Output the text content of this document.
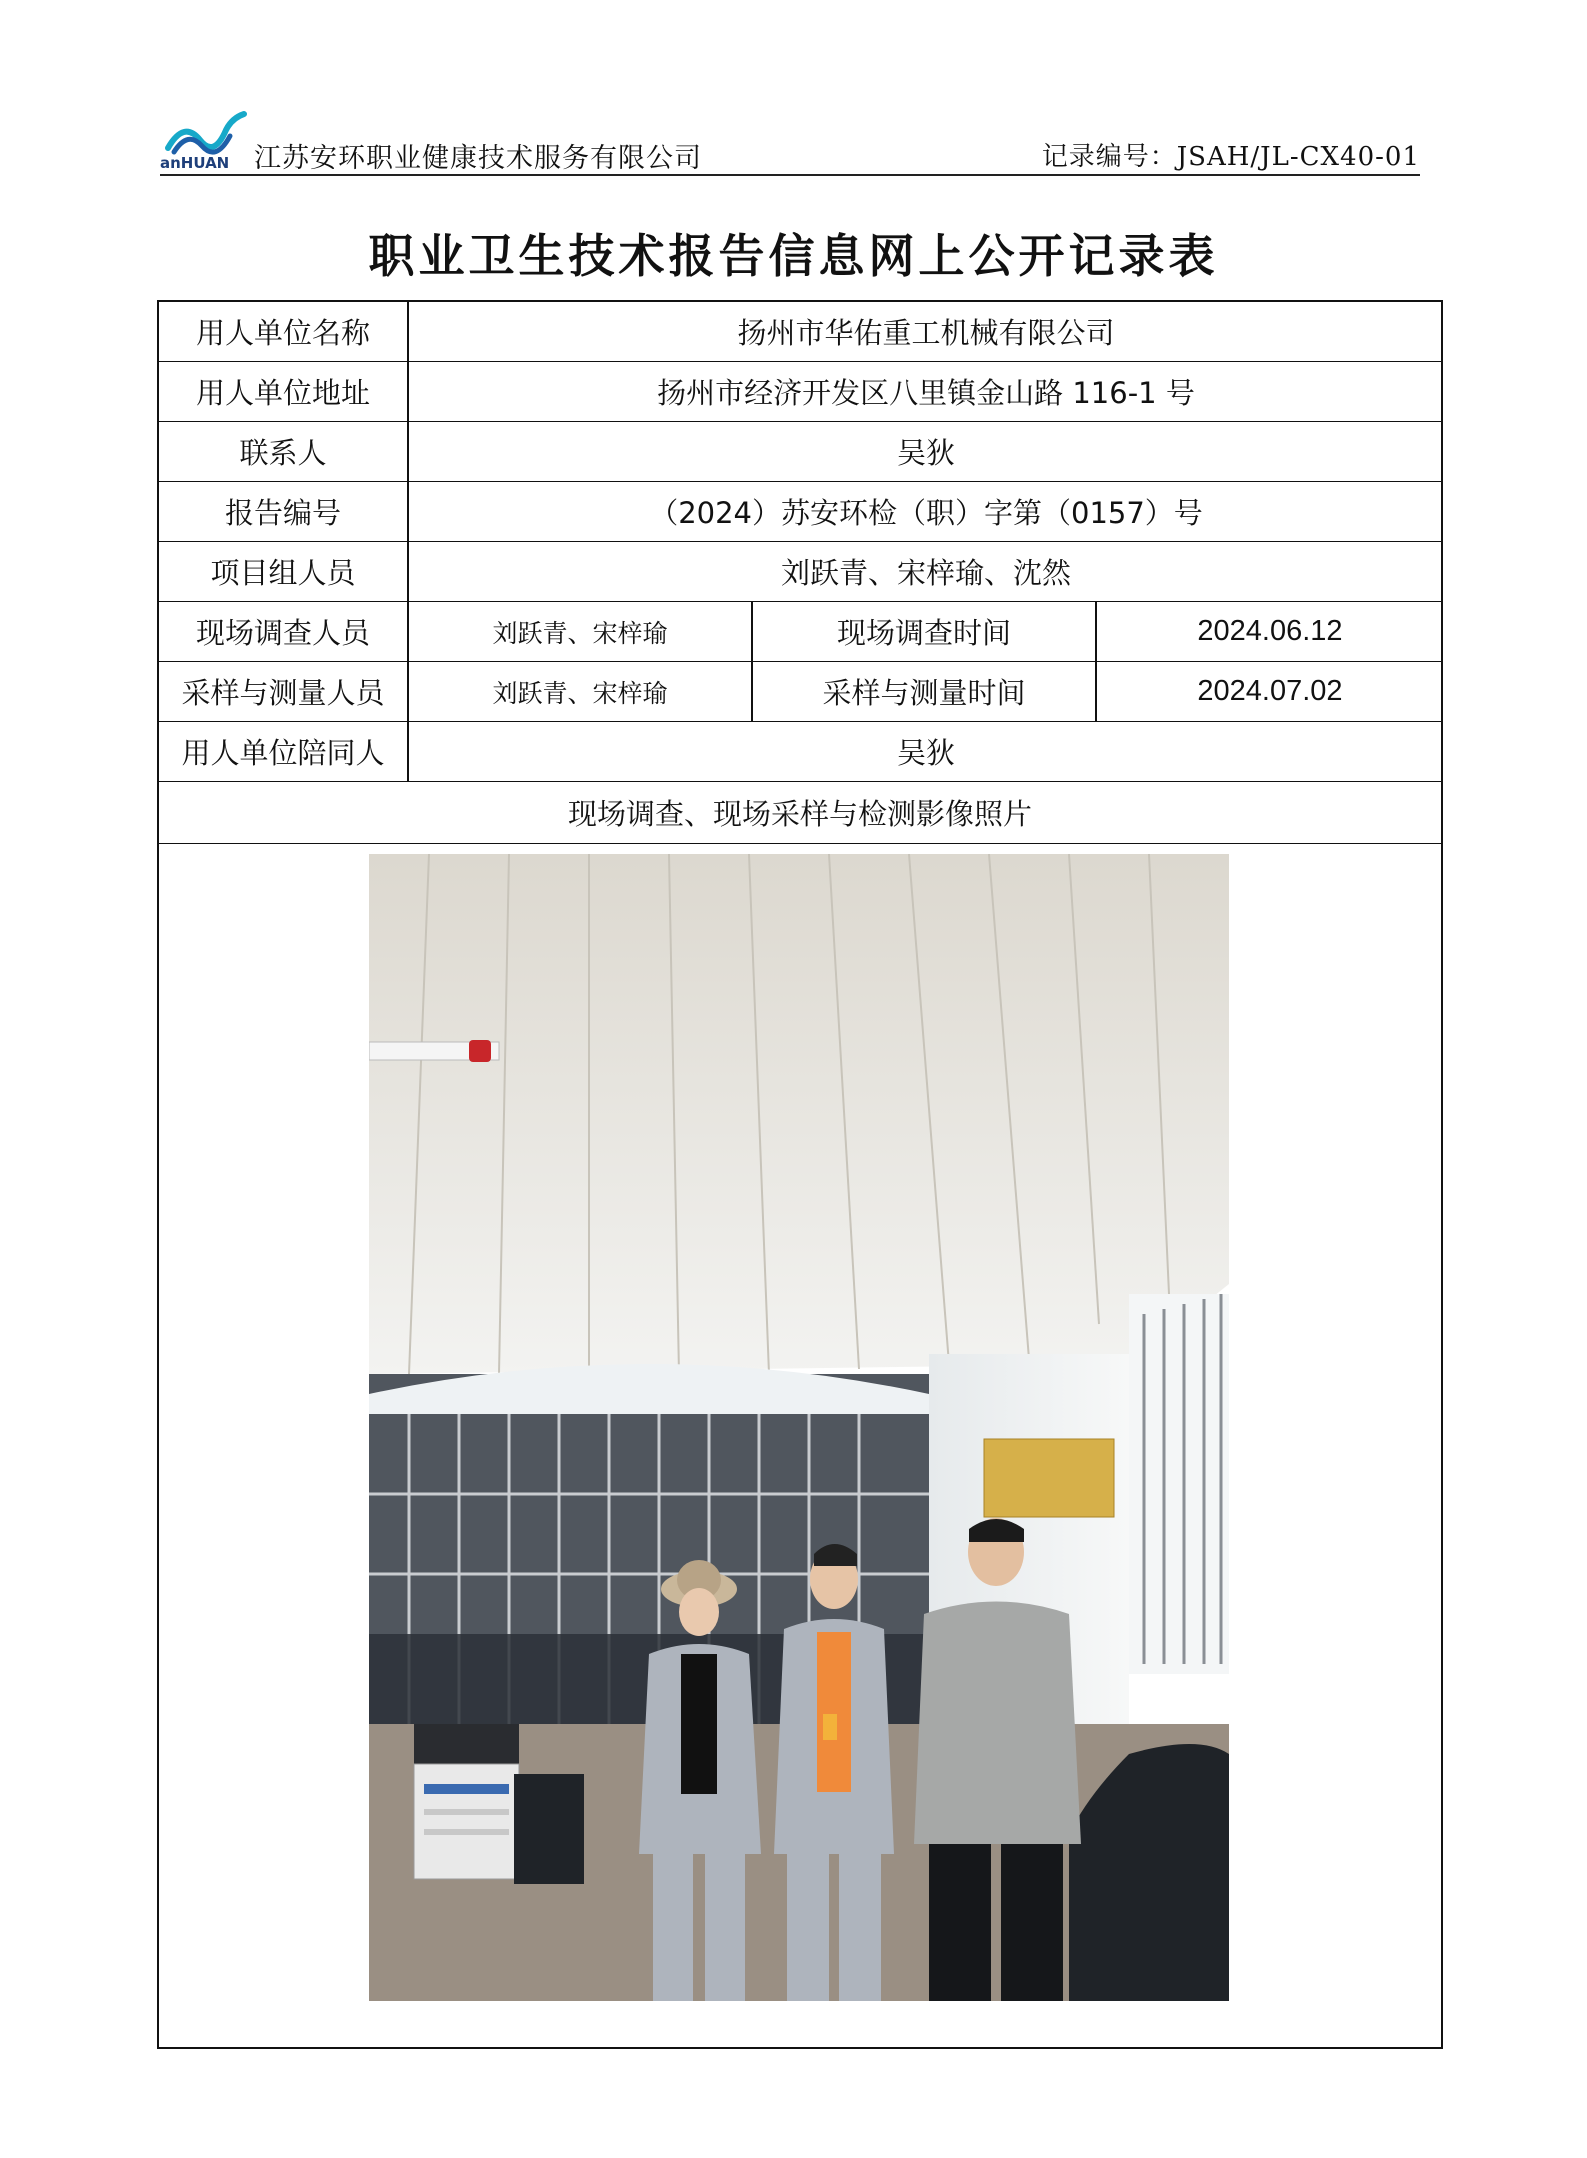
anHUAN 江苏安环职业健康技术服务有限公司	记录编号：JSAH/JL-CX40-01
职业卫生技术报告信息网上公开记录表
用人单位名称	扬州市华佑重工机械有限公司
用人单位地址	扬州市经济开发区八里镇金山路 116-1 号
联系人	吴狄
报告编号	（2024）苏安环检（职）字第（0157）号
项目组人员	刘跃青、宋梓瑜、沈然
现场调查人员	刘跃青、宋梓瑜	现场调查时间	2024.06.12
采样与测量人员	刘跃青、宋梓瑜	采样与测量时间	2024.07.02
用人单位陪同人	吴狄
现场调查、现场采样与检测影像照片
